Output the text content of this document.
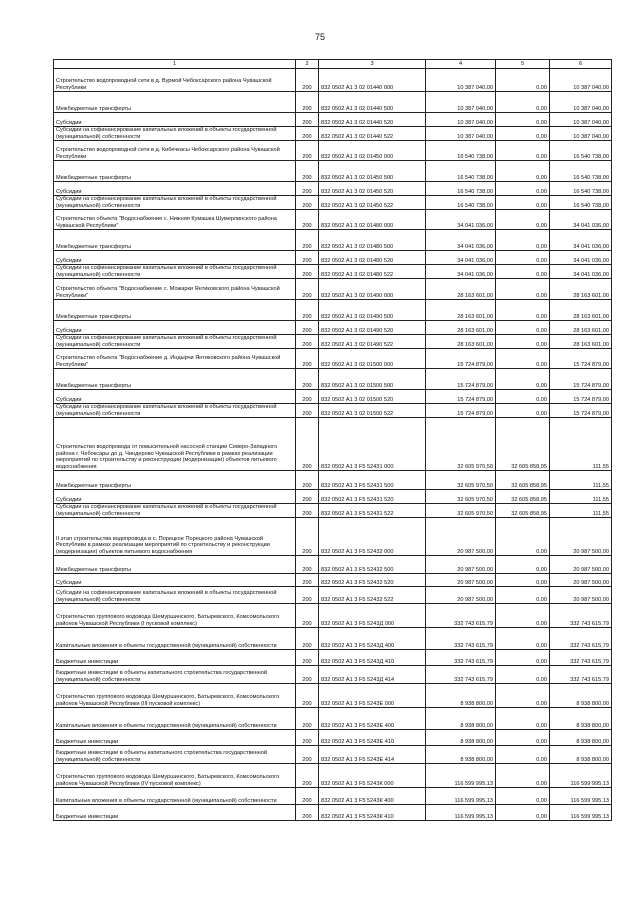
75
1	2	3	4	5	6
Строительство водопроводной сети в д. Вурмой Чебоксарского района Чувашской Республики	200	832 0502 А1 3 02 01440 000	10 387 040,00	0,00	10 387 040,00
Межбюджетные трансферты	200	832 0502 А1 3 02 01440 500	10 387 040,00	0,00	10 387 040,00
Субсидии	200	832 0502 А1 3 02 01440 520	10 387 040,00	0,00	10 387 040,00
Субсидии на софинансирование капитальных вложений в объекты государственной (муниципальной) собственности	200	832 0502 А1 3 02 01440 522	10 387 040,00	0,00	10 387 040,00
Строительство водопроводной сети в д. Кибечкасы Чебоксарского района Чувашской Республики	200	832 0502 А1 3 02 01450 000	16 540 738,00	0,00	16 540 738,00
Межбюджетные трансферты	200	832 0502 А1 3 02 01450 500	16 540 738,00	0,00	16 540 738,00
Субсидии	200	832 0502 А1 3 02 01450 520	16 540 738,00	0,00	16 540 738,00
Субсидии на софинансирование капитальных вложений в объекты государственной (муниципальной) собственности	200	832 0502 А1 3 02 01450 522	16 540 738,00	0,00	16 540 738,00
Строительство объекта "Водоснабжение с. Нижняя Кумашка Шумерлинского района Чувашской Республики"	200	832 0502 А1 3 02 01480 000	34 041 036,00	0,00	34 041 036,00
Межбюджетные трансферты	200	832 0502 А1 3 02 01480 500	34 041 036,00	0,00	34 041 036,00
Субсидии	200	832 0502 А1 3 02 01480 520	34 041 036,00	0,00	34 041 036,00
Субсидии на софинансирование капитальных вложений в объекты государственной (муниципальной) собственности	200	832 0502 А1 3 02 01480 522	34 041 036,00	0,00	34 041 036,00
Строительство объекта "Водоснабжение с. Можарки Янтиковского района Чувашской Республики"	200	832 0502 А1 3 02 01490 000	28 163 601,00	0,00	28 163 601,00
Межбюджетные трансферты	200	832 0502 А1 3 02 01490 500	28 163 601,00	0,00	28 163 601,00
Субсидии	200	832 0502 А1 3 02 01490 520	28 163 601,00	0,00	28 163 601,00
Субсидии на софинансирование капитальных вложений в объекты государственной (муниципальной) собственности	200	832 0502 А1 3 02 01490 522	28 163 601,00	0,00	28 163 601,00
Строительство объекта "Водоснабжение д. Индырчи Янтиковского района Чувашской Республики"	200	832 0502 А1 3 02 01500 000	15 724 879,00	0,00	15 724 879,00
Межбюджетные трансферты	200	832 0502 А1 3 02 01500 500	15 724 879,00	0,00	15 724 879,00
Субсидии	200	832 0502 А1 3 02 01500 520	15 724 879,00	0,00	15 724 879,00
Субсидии на софинансирование капитальных вложений в объекты государственной (муниципальной) собственности	200	832 0502 А1 3 02 01500 522	15 724 879,00	0,00	15 724 879,00
Строительство водопровода от повысительной насосной станции Северо-Западного района г. Чебоксары до д. Чиндерово Чувашской Республики в рамках реализации мероприятий по строительству и реконструкции (модернизации) объектов питьевого водоснабжения	200	832 0502 А1 3 F5 52431 000	32 605 970,50	32 605 858,95	111,55
Межбюджетные трансферты	200	832 0502 А1 3 F5 52431 500	32 605 970,50	32 605 858,95	111,55
Субсидии	200	832 0502 А1 3 F5 52431 520	32 605 970,50	32 605 858,95	111,55
Субсидии на софинансирование капитальных вложений в объекты государственной (муниципальной) собственности	200	832 0502 А1 3 F5 52431 522	32 605 970,50	32 605 858,95	111,55
II этап строительства водопровода в с. Порецкое Порецкого района Чувашской Республики в рамках реализации мероприятий по строительству и реконструкции (модернизации) объектов питьевого водоснабжения	200	832 0502 А1 3 F5 52432 000	20 987 500,00	0,00	20 987 500,00
Межбюджетные трансферты	200	832 0502 А1 3 F5 52432 500	20 987 500,00	0,00	20 987 500,00
Субсидии	200	832 0502 А1 3 F5 52432 520	20 987 500,00	0,00	20 987 500,00
Субсидии на софинансирование капитальных вложений в объекты государственной (муниципальной) собственности	200	832 0502 А1 3 F5 52432 522	20 987 500,00	0,00	20 987 500,00
Строительство группового водовода Шемуршинского, Батыревского, Комсомольского районов Чувашской Республики (I пусковой комплекс)	200	832 0502 А1 3 F5 5243Д 000	332 743 615,79	0,00	332 743 615,79
Капитальные вложения в объекты государственной (муниципальной) собственности	200	832 0502 А1 3 F5 5243Д 400	332 743 615,79	0,00	332 743 615,79
Бюджетные инвестиции	200	832 0502 А1 3 F5 5243Д 410	332 743 615,79	0,00	332 743 615,79
Бюджетные инвестиции в объекты капитального строительства государственной (муниципальной) собственности	200	832 0502 А1 3 F5 5243Д 414	332 743 615,79	0,00	332 743 615,79
Строительство группового водовода Шемуршинского, Батыревского, Комсомольского районов Чувашской Республики (III пусковой комплекс)	200	832 0502 А1 3 F5 5243Е 000	8 938 800,00	0,00	8 938 800,00
Капитальные вложения в объекты государственной (муниципальной) собственности	200	832 0502 А1 3 F5 5243Е 400	8 938 800,00	0,00	8 938 800,00
Бюджетные инвестиции	200	832 0502 А1 3 F5 5243Е 410	8 938 800,00	0,00	8 938 800,00
Бюджетные инвестиции в объекты капитального строительства государственной (муниципальной) собственности	200	832 0502 А1 3 F5 5243Е 414	8 938 800,00	0,00	8 938 800,00
Строительство группового водовода Шемуршинского, Батыревского, Комсомольского районов Чувашской Республики (IV пусковой комплекс)	200	832 0502 А1 3 F5 5243К 000	116 599 995,13	0,00	116 599 995,13
Капитальные вложения в объекты государственной (муниципальной) собственности	200	832 0502 А1 3 F5 5243К 400	116 599 995,13	0,00	116 599 995,13
Бюджетные инвестиции	200	832 0502 А1 3 F5 5243К 410	116 599 995,13	0,00	116 599 995,13
